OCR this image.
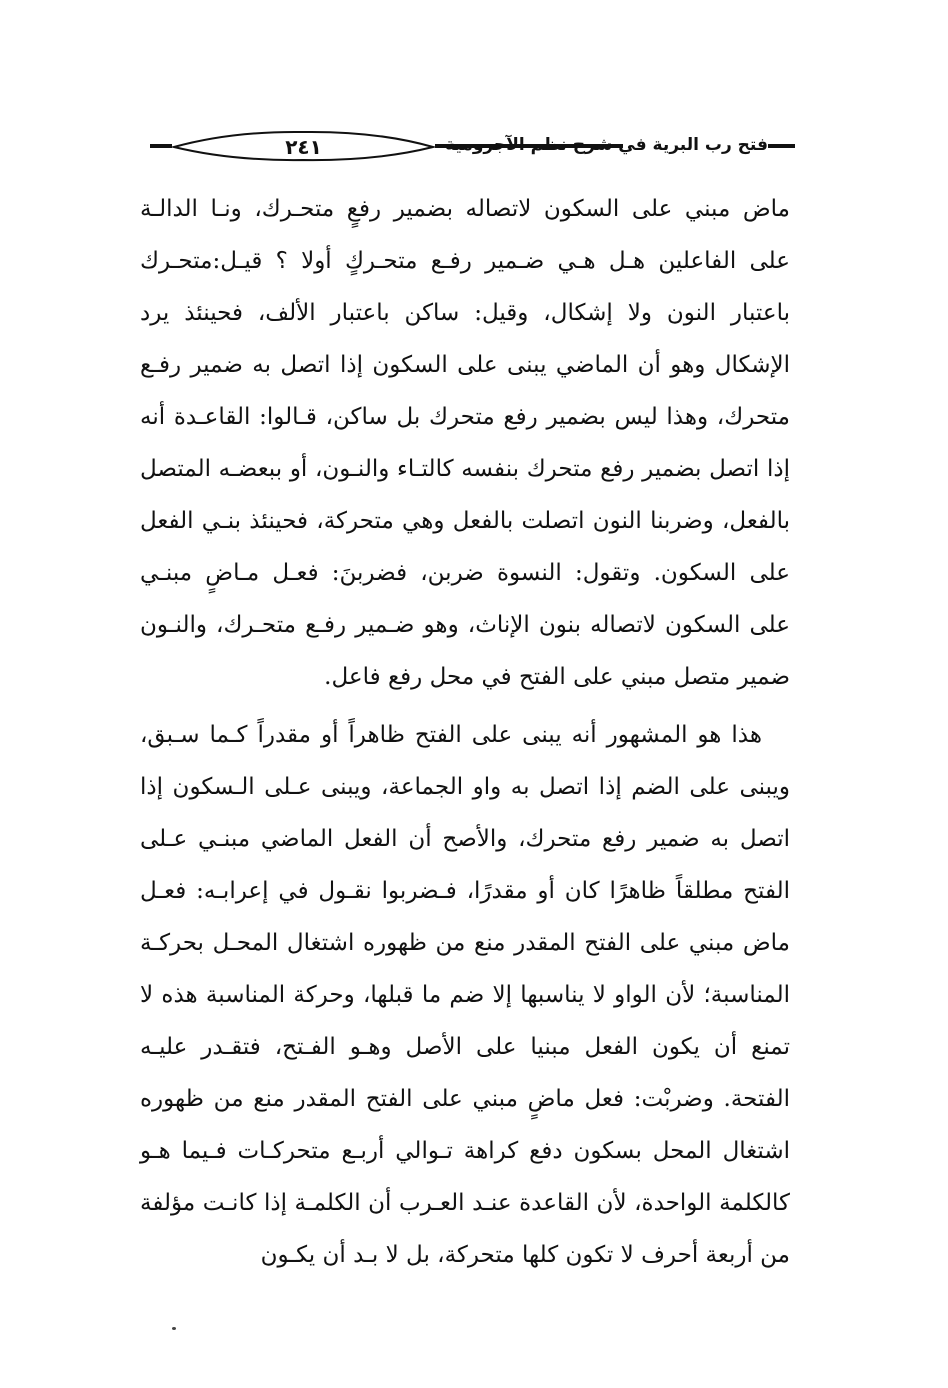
٢٤١	فتح رب البرية في شرح نظم الآجرومية

ماض مبني على السكون لاتصاله بضمير رفعٍ متحـرك، ونـا الدالـة على الفاعلين هـل هـي ضـمير رفـع متحـركٍ أولا ؟ قيـل:متحـرك باعتبار النون ولا إشكال، وقيل: ساكن باعتبار الألف، فحينئذ يرد الإشكال وهو أن الماضي يبنى على السكون إذا اتصل به ضمير رفـع متحرك، وهذا ليس بضمير رفع متحرك بل ساكن، قـالوا: القاعـدة أنه إذا اتصل بضمير رفع متحرك بنفسه كالتـاء والنـون، أو ببعضـه المتصل بالفعل، وضربنا النون اتصلت بالفعل وهي متحركة، فحينئذ بنـي الفعل على السكون. وتقول: النسوة ضربن، فضربنَ: فعـل مـاضٍ مبنـي على السكون لاتصاله بنون الإناث، وهو ضـمير رفـع متحـرك، والنـون ضمير متصل مبني على الفتح في محل رفع فاعل.

هذا هو المشهور أنه يبنى على الفتح ظاهراً أو مقدراً كـما سـبق، ويبنى على الضم إذا اتصل به واو الجماعة، ويبنى عـلى الـسكون إذا اتصل به ضمير رفع متحرك، والأصح أن الفعل الماضي مبنـي عـلى الفتح مطلقاً ظاهرًا كان أو مقدرًا، فـضربوا نقـول في إعرابـه: فعـل ماض مبني على الفتح المقدر منع من ظهوره اشتغال المحـل بحركـة المناسبة؛ لأن الواو لا يناسبها إلا ضم ما قبلها، وحركة المناسبة هذه لا تمنع أن يكون الفعل مبنيا على الأصل وهـو الفـتح، فتقـدر عليـه الفتحة. وضربْت: فعل ماضٍ مبني على الفتح المقدر منع من ظهوره اشتغال المحل بسكون دفع كراهة تـوالي أربـع متحركـات فـيما هـو كالكلمة الواحدة، لأن القاعدة عنـد العـرب أن الكلمـة إذا كانـت مؤلفة من أربعة أحرف لا تكون كلها متحركة، بل لا بـد أن يكـون
